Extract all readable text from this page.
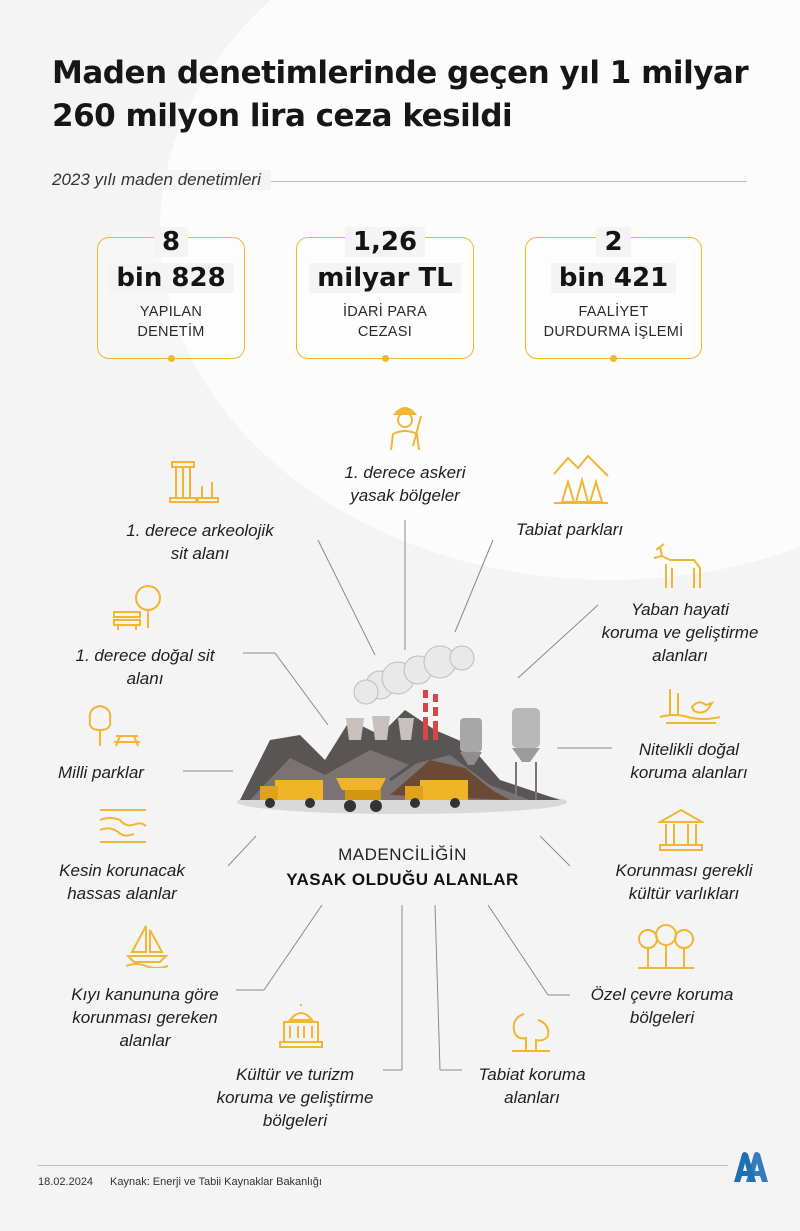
Maden denetimlerinde geçen yıl 1 milyar 260 milyon lira ceza kesildi
2023 yılı maden denetimleri
8
bin 828
YAPILAN
DENETİM
1,26
milyar TL
İDARİ PARA
CEZASI
2
bin 421
FAALİYET
DURDURMA İŞLEMİ
1. derece askeri
yasak bölgeler
1. derece arkeolojik
sit alanı
Tabiat parkları
Yaban hayati
koruma ve geliştirme
alanları
1. derece doğal sit
alanı
Nitelikli doğal
koruma alanları
Milli parklar
Kesin korunacak
hassas alanlar
Korunması gerekli
kültür varlıkları
Kıyı kanununa göre
korunması gereken
alanlar
Özel çevre koruma
bölgeleri
Kültür ve turizm
koruma ve geliştirme
bölgeleri
Tabiat koruma
alanları
MADENCİLİĞİN
YASAK OLDUĞU ALANLAR
18.02.2024 Kaynak: Enerji ve Tabii Kaynaklar Bakanlığı
